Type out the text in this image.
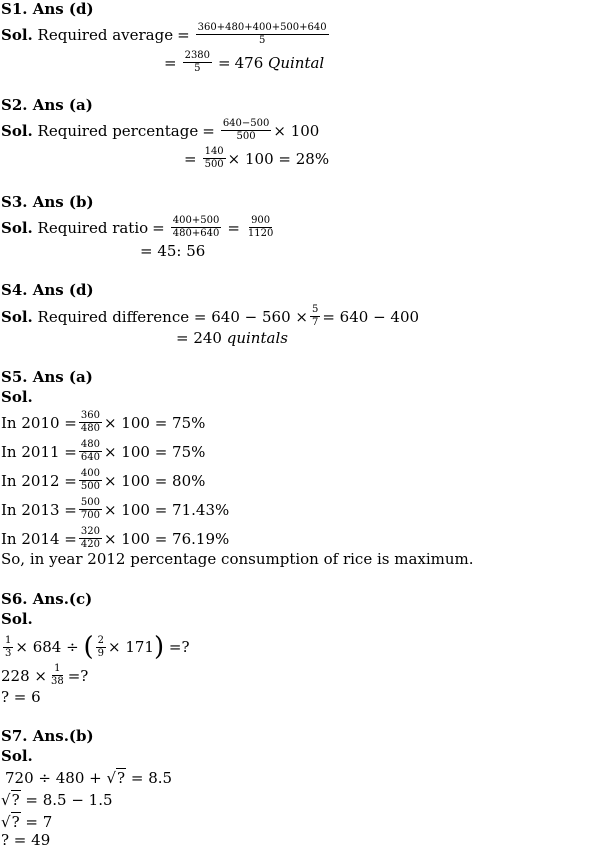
S1. Ans (d)
Sol.
Required average = $\frac{360+480+400+500+640}{5}$
= $\frac{2380}{5} = 476$
Quintal
S2. Ans (a)
Sol.
Required percentage = $\frac{640-500}{500} \times 100$
= $\frac{140}{500} \times 100 = 28\%$
S3. Ans (b)
Sol.
Required ratio = $\frac{400+500}{480+640} = \frac{900}{1120}$
= 45: 56
S4. Ans (d)
Sol.
Required difference
= $640 - 560 \times \frac{5}{7} = 640 - 400$
= 240
quintals
S5. Ans (a)
Sol.
In $2010 = \frac{360}{480} \times 100 = 75\%$
In $2011 = \frac{480}{640} \times 100 = 75\%$
In $2012 = \frac{400}{500} \times 100 = 80\%$
In $2013 = \frac{500}{700} \times 100 = 71.43\%$
In $2014 = \frac{320}{420} \times 100 = 76.19\%$
So, in year 2012 percentage consumption of rice is maximum.
S6. Ans.(c)
Sol.
$\frac{1}{3} \times 684$ ÷
( $\frac{2}{9} \times 171$ )
=?
$228 \times \frac{1}{38}$ =?
? = 6
S7. Ans.(b)
Sol.
720 ÷ 480 +
√?
= 8.5
√?
= 8.5 − 1.5
√?
= 7
? = 49
